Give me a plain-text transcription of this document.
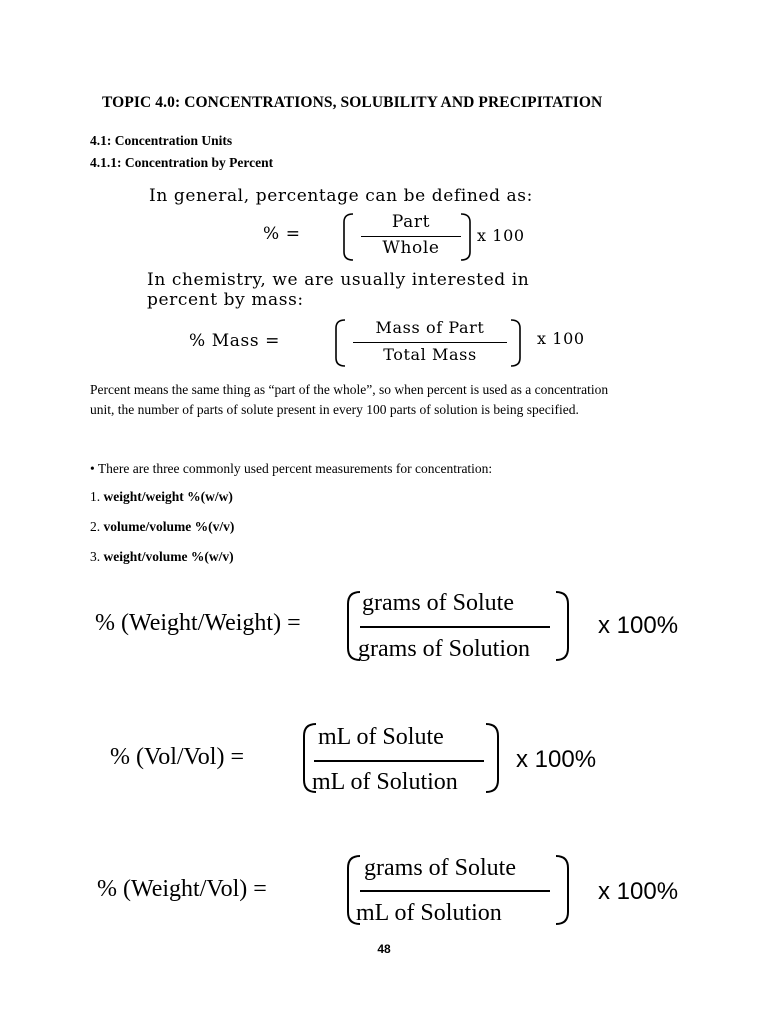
TOPIC 4.0: CONCENTRATIONS, SOLUBILITY AND PRECIPITATION
4.1: Concentration Units
4.1.1: Concentration by Percent
In general, percentage can be defined as:
% =
Part
Whole
x 100
In chemistry, we are usually interested in
percent by mass:
% Mass =
Mass of Part
Total Mass
x 100
Percent means the same thing as “part of the whole”, so when percent is used as a concentration
unit, the number of parts of solute present in every 100 parts of solution is being specified.
• There are three commonly used percent measurements for concentration:
1. weight/weight %(w/w)
2. volume/volume %(v/v)
3. weight/volume %(w/v)
% (Weight/Weight) =
grams of Solute
grams of Solution
x 100%
% (Vol/Vol) =
mL of Solute
mL of Solution
x 100%
% (Weight/Vol) =
grams of Solute
mL of Solution
x 100%
48
